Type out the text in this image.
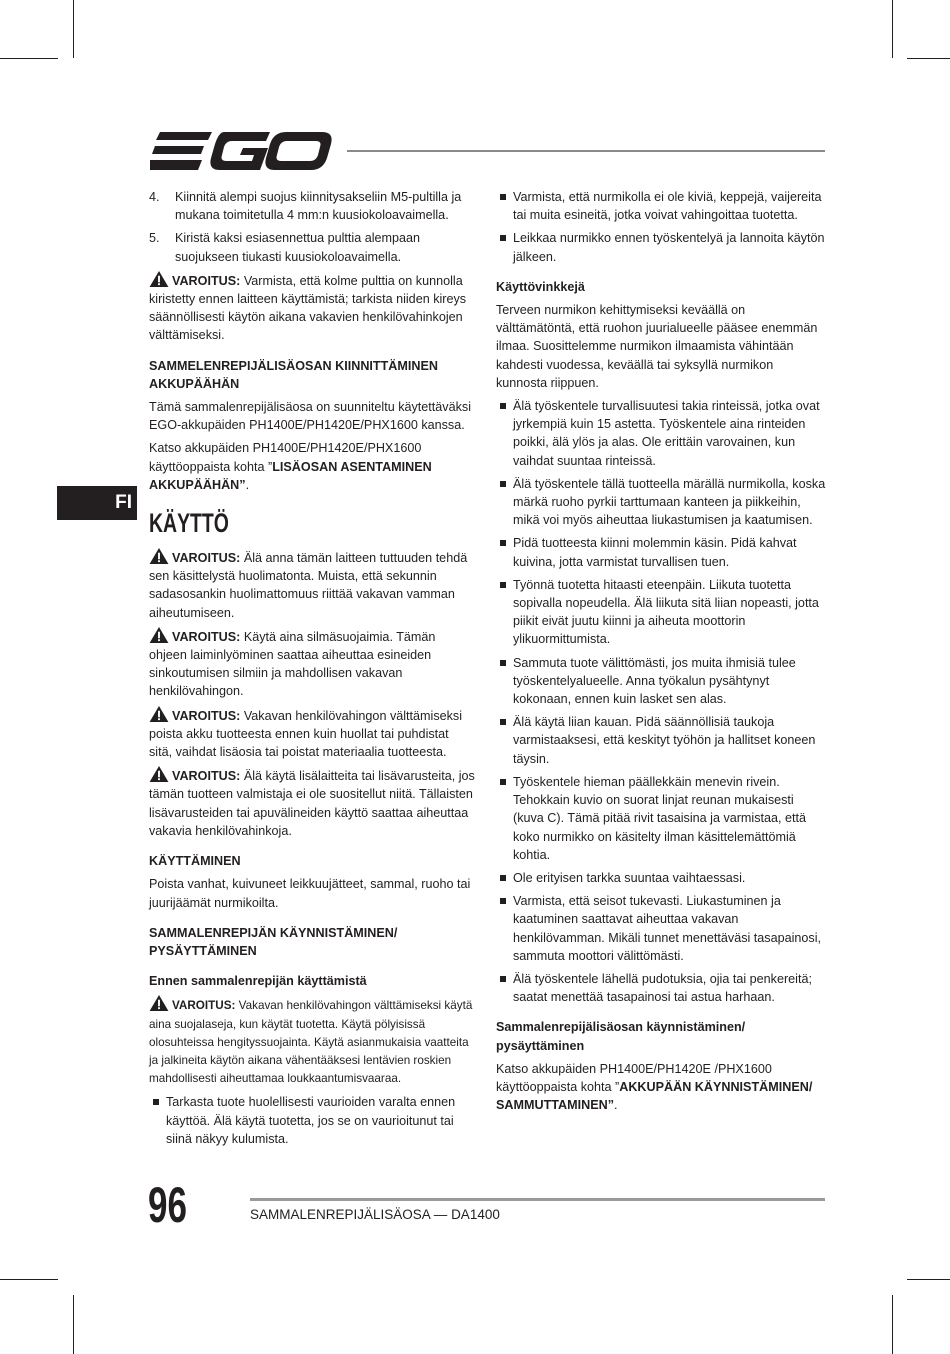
FI
4.	Kiinnitä alempi suojus kiinnitysakseliin M5-pultilla ja mukana toimitetulla 4 mm:n kuusiokoloavaimella.
5.	Kiristä kaksi esiasennettua pulttia alempaan suojukseen tiukasti kuusiokoloavaimella.

VAROITUS: Varmista, että kolme pulttia on kunnolla kiristetty ennen laitteen käyttämistä; tarkista niiden kireys säännöllisesti käytön aikana vakavien henkilövahinkojen välttämiseksi.

SAMMELENREPIJÄLISÄOSAN KIINNITTÄMINEN AKKUPÄÄHÄN

Tämä sammalenrepijälisäosa on suunniteltu käytettäväksi EGO-akkupäiden PH1400E/PH1420E/PHX1600 kanssa.

Katso akkupäiden PH1400E/PH1420E/PHX1600 käyttöoppaista kohta ”LISÄOSAN ASENTAMINEN AKKUPÄÄHÄN”.

KÄYTTÖ

VAROITUS: Älä anna tämän laitteen tuttuuden tehdä sen käsittelystä huolimatonta. Muista, että sekunnin sadasosankin huolimattomuus riittää vakavan vamman aiheutumiseen.

VAROITUS: Käytä aina silmäsuojaimia. Tämän ohjeen laiminlyöminen saattaa aiheuttaa esineiden sinkoutumisen silmiin ja mahdollisen vakavan henkilövahingon.

VAROITUS: Vakavan henkilövahingon välttämiseksi poista akku tuotteesta ennen kuin huollat tai puhdistat sitä, vaihdat lisäosia tai poistat materiaalia tuotteesta.

VAROITUS: Älä käytä lisälaitteita tai lisävarusteita, jos tämän tuotteen valmistaja ei ole suositellut niitä. Tällaisten lisävarusteiden tai apuvälineiden käyttö saattaa aiheuttaa vakavia henkilövahinkoja.

KÄYTTÄMINEN

Poista vanhat, kuivuneet leikkuujätteet, sammal, ruoho tai juurijäämät nurmikoilta.

SAMMALENREPIJÄN KÄYNNISTÄMINEN/ PYSÄYTTÄMINEN
Ennen sammalenrepijän käyttämistä

VAROITUS: Vakavan henkilövahingon välttämiseksi käytä aina suojalaseja, kun käytät tuotetta. Käytä pölyisissä olosuhteissa hengityssuojainta. Käytä asianmukaisia vaatteita ja jalkineita käytön aikana vähentääksesi lentävien roskien mahdollisesti aiheuttamaa loukkaantumisvaaraa.

Tarkasta tuote huolellisesti vaurioiden varalta ennen käyttöä. Älä käytä tuotetta, jos se on vaurioitunut tai siinä näkyy kulumista.
Varmista, että nurmikolla ei ole kiviä, keppejä, vaijereita tai muita esineitä, jotka voivat vahingoittaa tuotetta.
Leikkaa nurmikko ennen työskentelyä ja lannoita käytön jälkeen.
Käyttövinkkejä

Terveen nurmikon kehittymiseksi keväällä on välttämätöntä, että ruohon juurialueelle pääsee enemmän ilmaa. Suosittelemme nurmikon ilmaamista vähintään kahdesti vuodessa, keväällä tai syksyllä nurmikon kunnosta riippuen.

Älä työskentele turvallisuutesi takia rinteissä, jotka ovat jyrkempiä kuin 15 astetta. Työskentele aina rinteiden poikki, älä ylös ja alas. Ole erittäin varovainen, kun vaihdat suuntaa rinteissä.
Älä työskentele tällä tuotteella märällä nurmikolla, koska märkä ruoho pyrkii tarttumaan kanteen ja piikkeihin, mikä voi myös aiheuttaa liukastumisen ja kaatumisen.
Pidä tuotteesta kiinni molemmin käsin. Pidä kahvat kuivina, jotta varmistat turvallisen tuen.
Työnnä tuotetta hitaasti eteenpäin. Liikuta tuotetta sopivalla nopeudella. Älä liikuta sitä liian nopeasti, jotta piikit eivät juutu kiinni ja aiheuta moottorin ylikuormittumista.
Sammuta tuote välittömästi, jos muita ihmisiä tulee työskentelyalueelle. Anna työkalun pysähtynyt kokonaan, ennen kuin lasket sen alas.
Älä käytä liian kauan. Pidä säännöllisiä taukoja varmistaaksesi, että keskityt työhön ja hallitset koneen täysin.
Työskentele hieman päällekkäin menevin rivein. Tehokkain kuvio on suorat linjat reunan mukaisesti (kuva C). Tämä pitää rivit tasaisina ja varmistaa, että koko nurmikko on käsitelty ilman käsittelemättömiä kohtia.
Ole erityisen tarkka suuntaa vaihtaessasi.
Varmista, että seisot tukevasti. Liukastuminen ja kaatuminen saattavat aiheuttaa vakavan henkilövamman. Mikäli tunnet menettäväsi tasapainosi, sammuta moottori välittömästi.
Älä työskentele lähellä pudotuksia, ojia tai penkereitä; saatat menettää tasapainosi tai astua harhaan.
Sammalenrepijälisäosan käynnistäminen/ pysäyttäminen

Katso akkupäiden PH1400E/PH1420E /PHX1600 käyttöoppaista kohta ”AKKUPÄÄN KÄYNNISTÄMINEN/ SAMMUTTAMINEN”.

96	SAMMALENREPIJÄLISÄOSA — DA1400
